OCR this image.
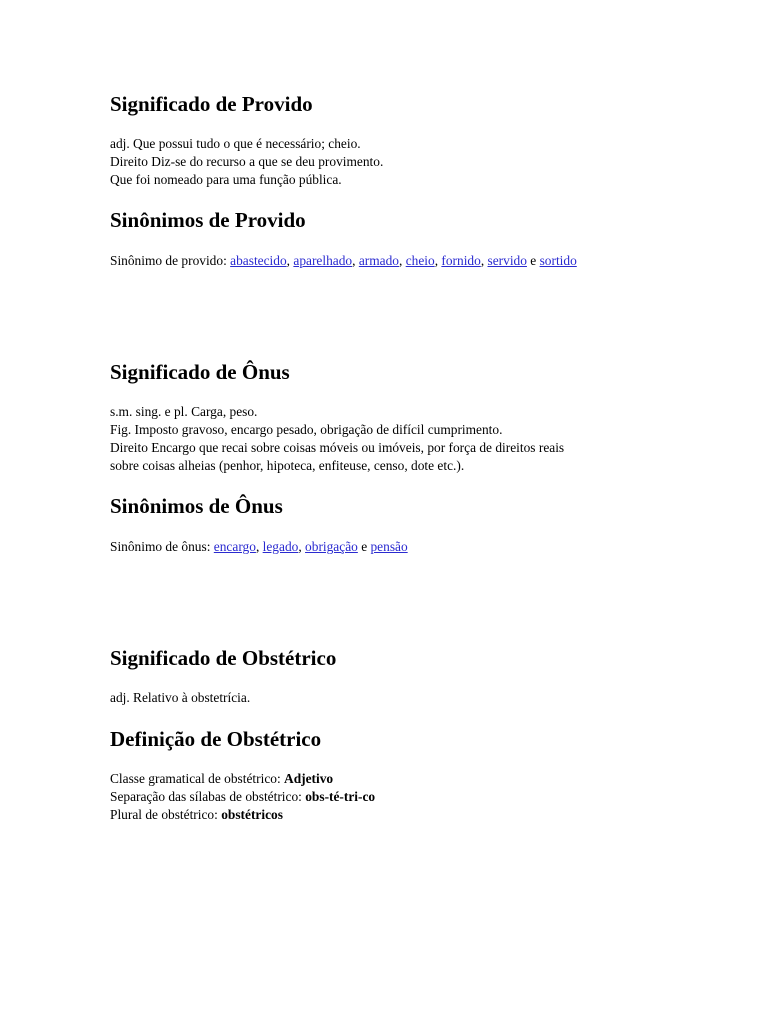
Significado de Provido

adj. Que possui tudo o que é necessário; cheio.

Direito Diz-se do recurso a que se deu provimento.

Que foi nomeado para uma função pública.

Sinônimos de Provido

Sinônimo de provido: abastecido, aparelhado, armado, cheio, fornido, servido e sortido

Significado de Ônus

s.m. sing. e pl. Carga, peso.

Fig. Imposto gravoso, encargo pesado, obrigação de difícil cumprimento.

Direito Encargo que recai sobre coisas móveis ou imóveis, por força de direitos reais

sobre coisas alheias (penhor, hipoteca, enfiteuse, censo, dote etc.).

Sinônimos de Ônus

Sinônimo de ônus: encargo, legado, obrigação e pensão

Significado de Obstétrico

adj. Relativo à obstetrícia.

Definição de Obstétrico

Classe gramatical de obstétrico: Adjetivo

Separação das sílabas de obstétrico: obs-té-tri-co

Plural de obstétrico: obstétricos
